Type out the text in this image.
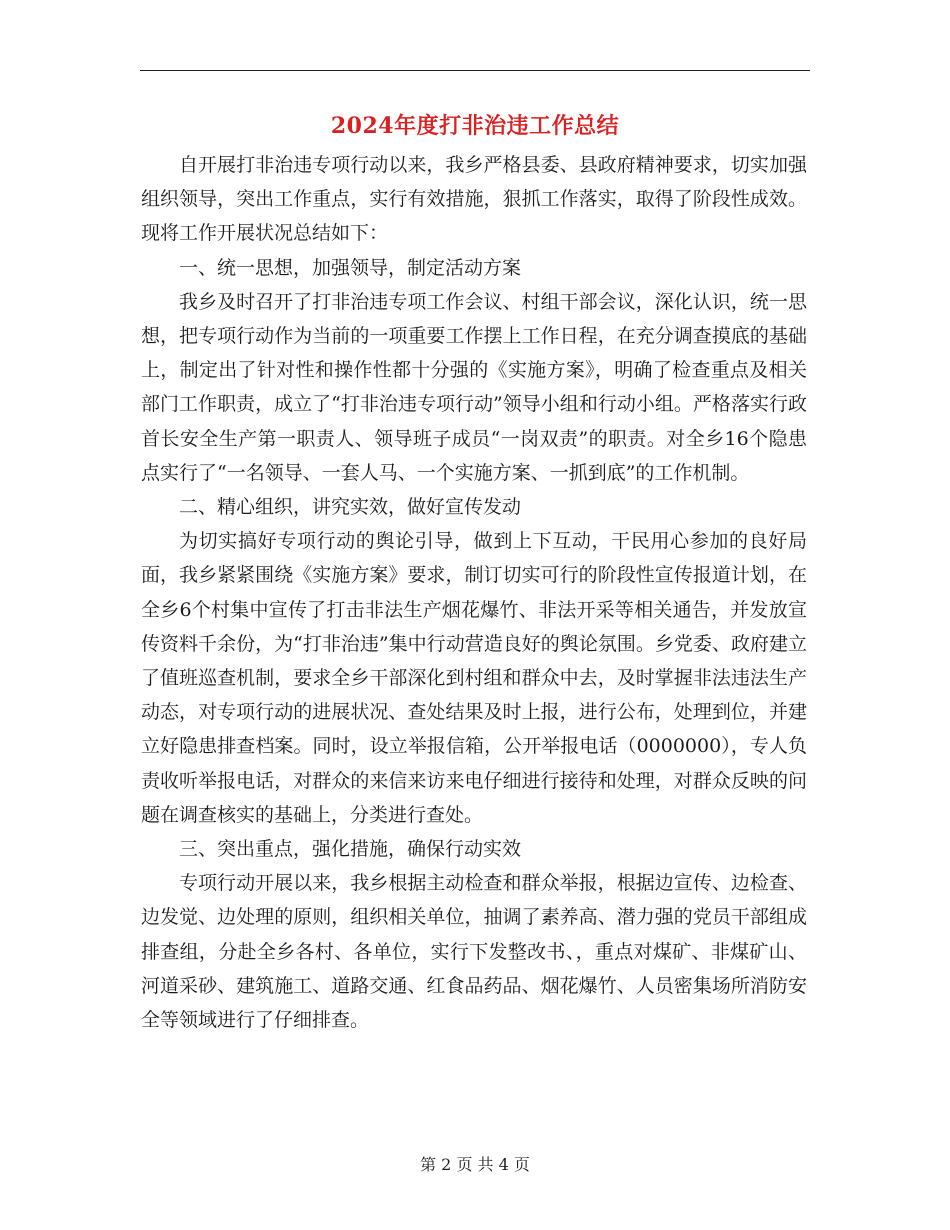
2024年度打非治违工作总结

自开展打非治违专项行动以来，我乡严格县委、县政府精神要求，切实加强组织领导，突出工作重点，实行有效措施，狠抓工作落实，取得了阶段性成效。现将工作开展状况总结如下：

一、统一思想，加强领导，制定活动方案

我乡及时召开了打非治违专项工作会议、村组干部会议，深化认识，统一思想，把专项行动作为当前的一项重要工作摆上工作日程，在充分调查摸底的基础上，制定出了针对性和操作性都十分强的《实施方案》，明确了检查重点及相关部门工作职责，成立了“打非治违专项行动”领导小组和行动小组。严格落实行政首长安全生产第一职责人、领导班子成员“一岗双责”的职责。对全乡16个隐患点实行了“一名领导、一套人马、一个实施方案、一抓到底”的工作机制。

二、精心组织，讲究实效，做好宣传发动

为切实搞好专项行动的舆论引导，做到上下互动，干民用心参加的良好局面，我乡紧紧围绕《实施方案》要求，制订切实可行的阶段性宣传报道计划，在全乡6个村集中宣传了打击非法生产烟花爆竹、非法开采等相关通告，并发放宣传资料千余份，为“打非治违”集中行动营造良好的舆论氛围。乡党委、政府建立了值班巡查机制，要求全乡干部深化到村组和群众中去，及时掌握非法违法生产动态，对专项行动的进展状况、查处结果及时上报，进行公布，处理到位，并建立好隐患排查档案。同时，设立举报信箱，公开举报电话（0000000），专人负责收听举报电话，对群众的来信来访来电仔细进行接待和处理，对群众反映的问题在调查核实的基础上，分类进行查处。

三、突出重点，强化措施，确保行动实效

专项行动开展以来，我乡根据主动检查和群众举报，根据边宣传、边检查、边发觉、边处理的原则，组织相关单位，抽调了素养高、潜力强的党员干部组成排查组，分赴全乡各村、各单位，实行下发整改书、，重点对煤矿、非煤矿山、河道采砂、建筑施工、道路交通、红食品药品、烟花爆竹、人员密集场所消防安全等领域进行了仔细排查。

第 2 页 共 4 页
